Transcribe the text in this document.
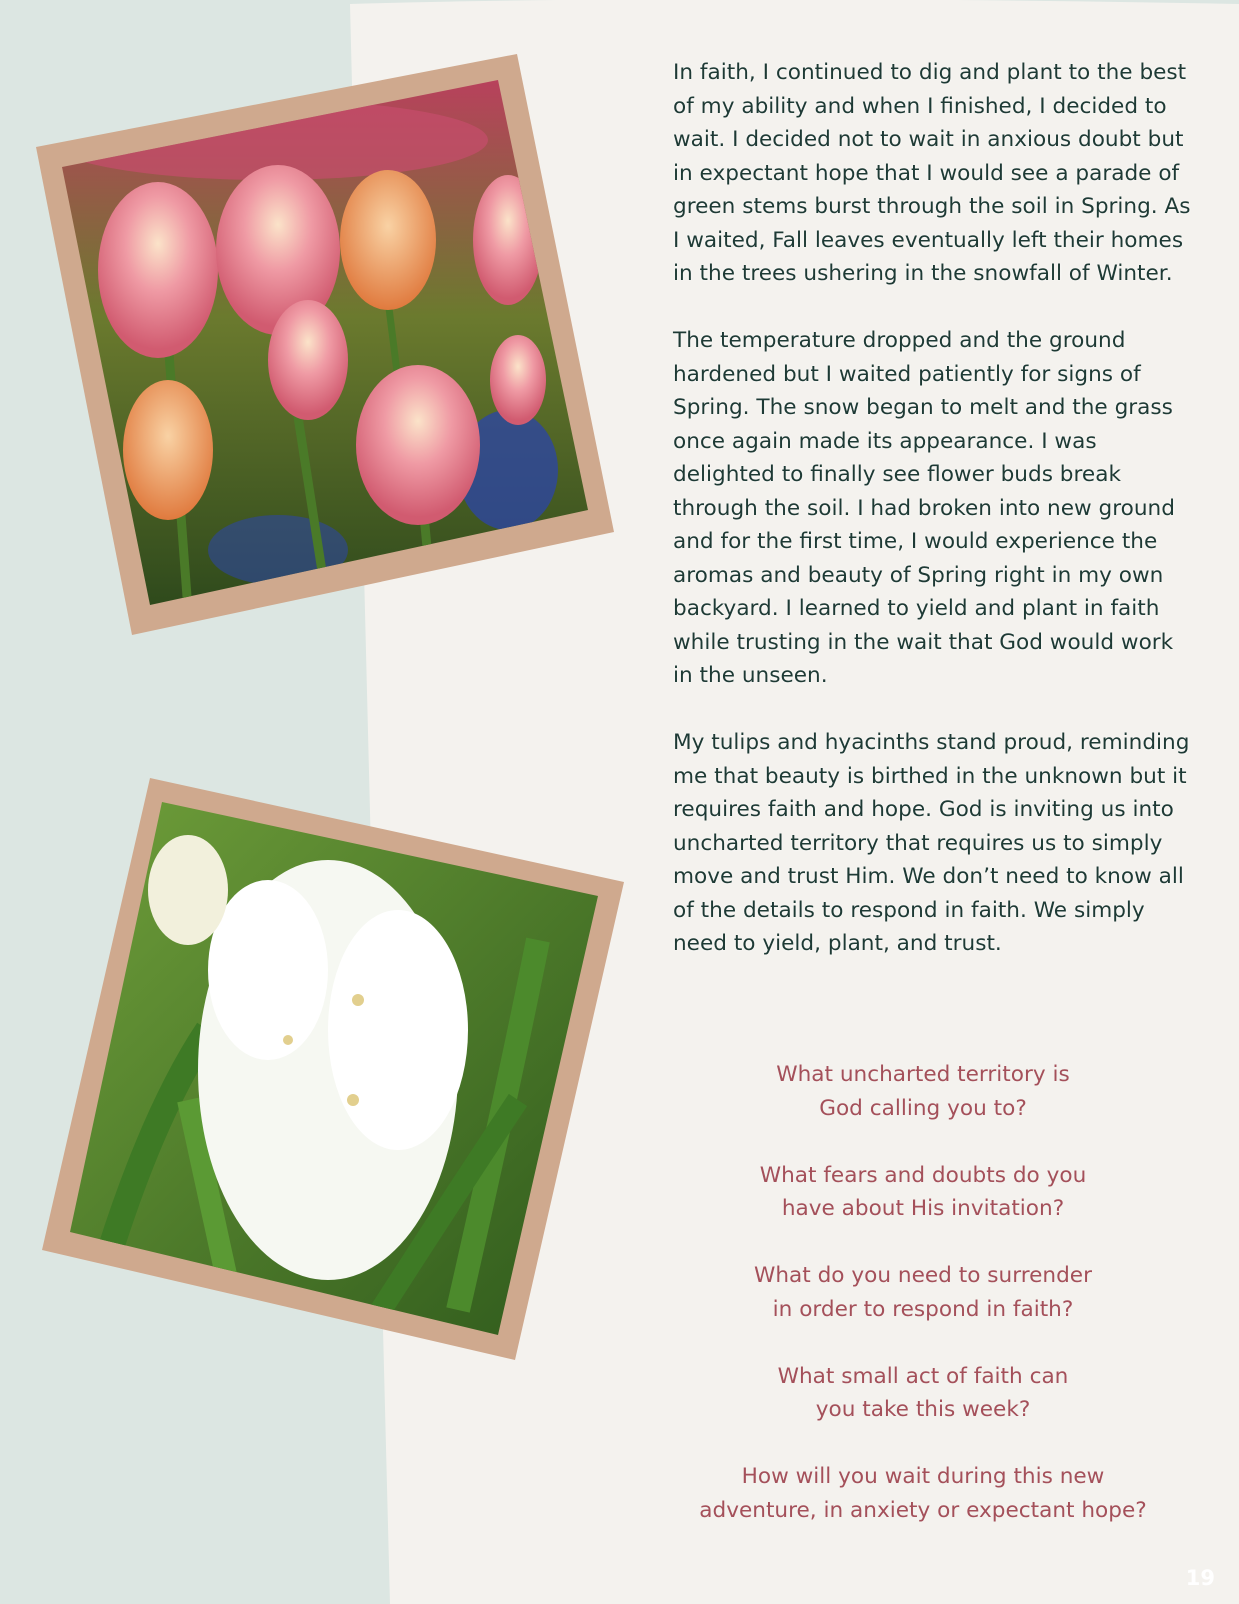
In faith, I continued to dig and plant to the best of my ability and when I finished, I decided to wait. I decided not to wait in anxious doubt but in expectant hope that I would see a parade of green stems burst through the soil in Spring. As I waited, Fall leaves eventually left their homes in the trees ushering in the snowfall of Winter.

The temperature dropped and the ground hardened but I waited patiently for signs of Spring. The snow began to melt and the grass once again made its appearance. I was delighted to finally see flower buds break through the soil. I had broken into new ground and for the first time, I would experience the aromas and beauty of Spring right in my own backyard. I learned to yield and plant in faith while trusting in the wait that God would work in the unseen.

My tulips and hyacinths stand proud, reminding me that beauty is birthed in the unknown but it requires faith and hope. God is inviting us into uncharted territory that requires us to simply move and trust Him. We don’t need to know all of the details to respond in faith. We simply need to yield, plant, and trust.

What uncharted territory is
God calling you to?
What fears and doubts do you
have about His invitation?
What do you need to surrender
in order to respond in faith?
What small act of faith can
you take this week?
How will you wait during this new
adventure, in anxiety or expectant hope?
19
